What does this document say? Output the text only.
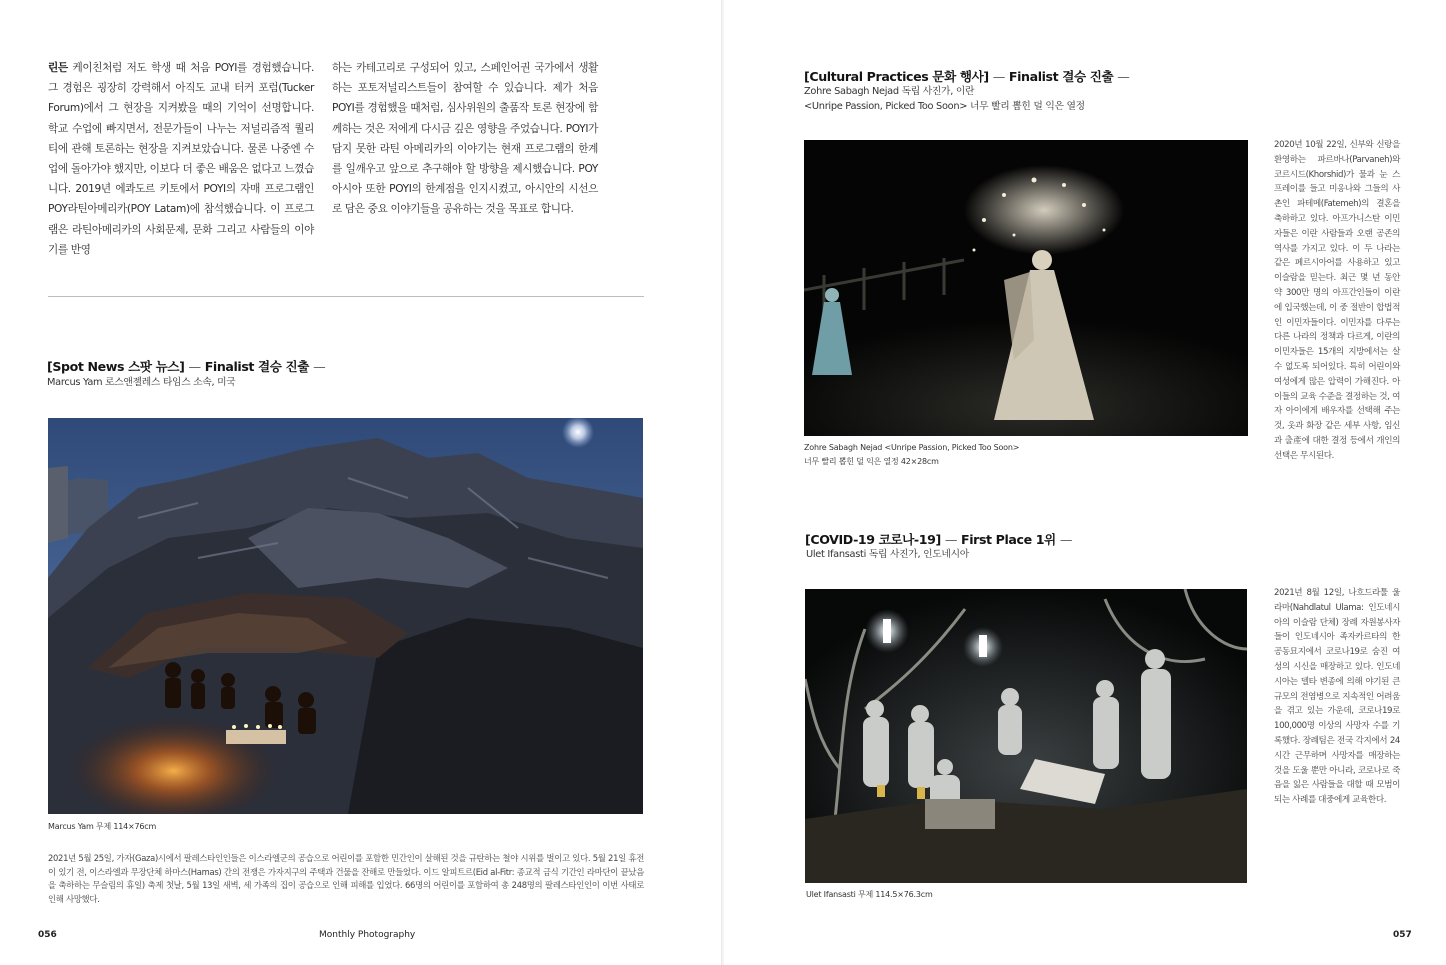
린든 케이친처럼 저도 학생 때 처음 POYI를 경험했습니다. 그 경험은 굉장히 강력해서 아직도 교내 터커 포럼(Tucker Forum)에서 그 현장을 지켜봤을 때의 기억이 선명합니다. 학교 수업에 빠지면서, 전문가들이 나누는 저널리즘적 퀄리티에 관해 토론하는 현장을 지켜보았습니다. 물론 나중엔 수업에 돌아가야 했지만, 이보다 더 좋은 배움은 없다고 느꼈습니다. 2019년 에콰도르 키토에서 POYI의 자매 프로그램인 POY라틴아메리카(POY Latam)에 참석했습니다. 이 프로그램은 라틴아메리카의 사회문제, 문화 그리고 사람들의 이야기를 반영
하는 카테고리로 구성되어 있고, 스페인어권 국가에서 생활하는 포토저널리스트들이 참여할 수 있습니다. 제가 처음 POYI를 경험했을 때처럼, 심사위원의 출품작 토론 현장에 함께하는 것은 저에게 다시금 깊은 영향을 주었습니다. POYI가 담지 못한 라틴 아메리카의 이야기는 현재 프로그램의 한계를 일깨우고 앞으로 추구해야 할 방향을 제시했습니다. POY아시아 또한 POYI의 한계점을 인지시켰고, 아시안의 시선으로 담은 중요 이야기들을 공유하는 것을 목표로 합니다.
[Spot News 스팟 뉴스] — Finalist 결승 진출 —
Marcus Yam 로스앤젤레스 타임스 소속, 미국
Marcus Yam 무제 114×76cm
2021년 5월 25일, 가자(Gaza)시에서 팔레스타인인들은 이스라엘군의 공습으로 어린이를 포함한 민간인이 살해된 것을 규탄하는 철야 시위를 벌이고 있다. 5월 21일 휴전이 있기 전, 이스라엘과 무장단체 하마스(Hamas) 간의 전쟁은 가자지구의 주택과 건물을 잔해로 만들었다. 이드 알피트르(Eid al-Fitr: 종교적 금식 기간인 라마단이 끝났음을 축하하는 무슬림의 휴일) 축제 첫날, 5월 13일 새벽, 세 가족의 집이 공습으로 인해 피해를 입었다. 66명의 어린이를 포함하여 총 248명의 팔레스타인인이 이번 사태로 인해 사망했다.
056	Monthly Photography
[Cultural Practices 문화 행사] — Finalist 결승 진출 —
Zohre Sabagh Nejad 독립 사진가, 이란
<Unripe Passion, Picked Too Soon> 너무 빨리 뽑힌 덜 익은 열정
Zohre Sabagh Nejad <Unripe Passion, Picked Too Soon>
너무 빨리 뽑힌 덜 익은 열정 42×28cm
2020년 10월 22일, 신부와 신랑을 환영하는 파르바나(Parvaneh)와 코르시드(Khorshid)가 물과 눈 스프레이를 들고 미옹나와 그들의 사촌인 파테메(Fatemeh)의 결혼을 축하하고 있다. 아프가니스탄 이민자들은 이란 사람들과 오랜 공존의 역사를 가지고 있다. 이 두 나라는 같은 페르시아어를 사용하고 있고 이슬람을 믿는다. 최근 몇 년 동안 약 300만 명의 아프간인들이 이란에 입국했는데, 이 중 절반이 합법적인 이민자들이다. 이민자를 다루는 다른 나라의 정책과 다르게, 이란의 이민자들은 15개의 지방에서는 살 수 없도록 되어있다. 특히 어린이와 여성에게 많은 압력이 가해진다. 아이들의 교육 수준을 결정하는 것, 여자 아이에게 배우자를 선택해 주는 것, 옷과 화장 같은 세부 사항, 임신과 출產에 대한 결정 등에서 개인의 선택은 무시된다.
[COVID-19 코로나-19] — First Place 1위 —
Ulet Ifansasti 독립 사진가, 인도네시아
Ulet Ifansasti 무제 114.5×76.3cm
2021년 8월 12일, 나흐드라툴 울라마(Nahdlatul Ulama: 인도네시아의 이슬람 단체) 장례 자원봉사자들이 인도네시아 족자카르타의 한 공동묘지에서 코로나19로 숨진 여성의 시신을 매장하고 있다. 인도네시아는 델타 변종에 의해 야기된 큰 규모의 전염병으로 지속적인 어려움을 겪고 있는 가운데, 코로나19로 100,000명 이상의 사망자 수를 기록했다. 장례팀은 전국 각지에서 24시간 근무하며 사망자를 매장하는 것을 도울 뿐만 아니라, 코로나로 죽음을 잃은 사람들을 대할 때 모범이 되는 사례를 대중에게 교육한다.
057
